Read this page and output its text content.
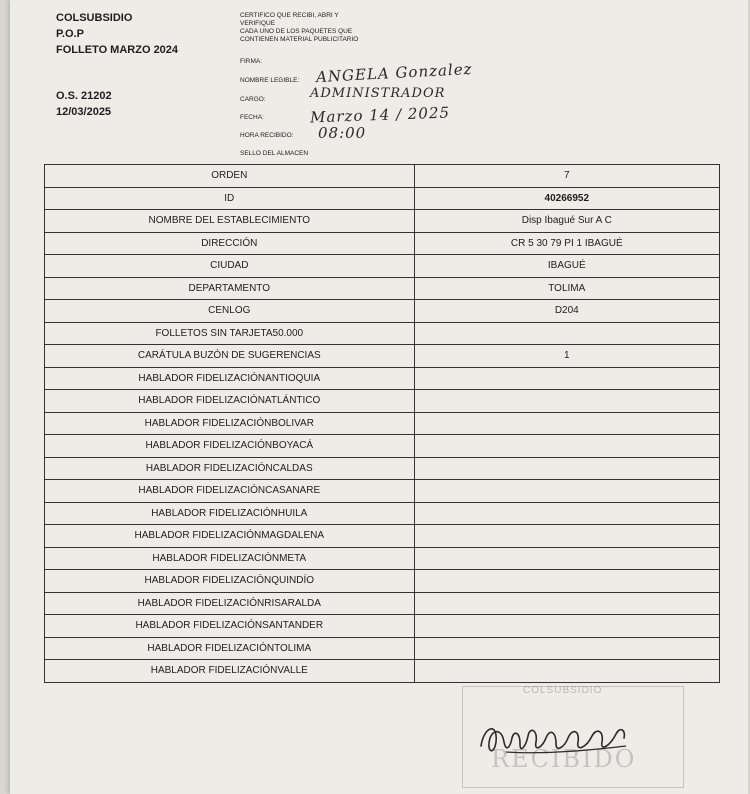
COLSUBSIDIO
P.O.P
FOLLETO MARZO 2024
O.S. 21202
12/03/2025
CERTIFICO QUE RECIBI, ABRI Y
VERIFIQUE
CADA UNO DE LOS PAQUETES QUE
CONTIENEN MATERIAL PUBLICITARIO
FIRMA:
NOMBRE LEGIBLE: ANGELA Gonzalez
CARGO:	ADMINISTRADOR
FECHA:	Marzo 14 / 2025
HORA RECIBIDO: 08:00
SELLO DEL ALMACEN
ORDEN	7
ID	40266952
NOMBRE DEL ESTABLECIMIENTO	Disp Ibagué Sur A C
DIRECCIÓN	CR 5 30 79 PI 1 IBAGUÉ
CIUDAD	IBAGUÉ
DEPARTAMENTO	TOLIMA
CENLOG	D204
FOLLETOS SIN TARJETA50.000	
CARÁTULA BUZÓN DE SUGERENCIAS	1
HABLADOR FIDELIZACIÓNANTIOQUIA	
HABLADOR FIDELIZACIÓNATLÁNTICO	
HABLADOR FIDELIZACIÓNBOLIVAR	
HABLADOR FIDELIZACIÓNBOYACÁ	
HABLADOR FIDELIZACIÓNCALDAS	
HABLADOR FIDELIZACIÓNCASANARE	
HABLADOR FIDELIZACIÓNHUILA	
HABLADOR FIDELIZACIÓNMAGDALENA	
HABLADOR FIDELIZACIÓNMETA	
HABLADOR FIDELIZACIÓNQUINDÍO	
HABLADOR FIDELIZACIÓNRISARALDA	
HABLADOR FIDELIZACIÓNSANTANDER	
HABLADOR FIDELIZACIÓNTOLIMA	
HABLADOR FIDELIZACIÓNVALLE	
COLSUBSIDIO
RECIBIDO
